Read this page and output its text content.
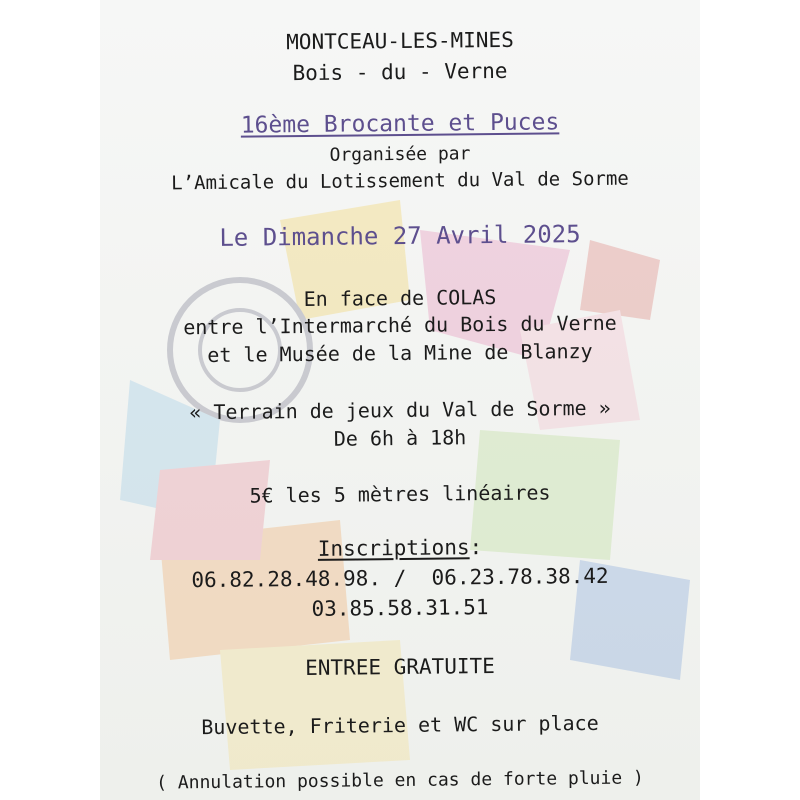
MONTCEAU-LES-MINES
Bois - du - Verne
16ème Brocante et Puces
Organisée par
L’Amicale du Lotissement du Val de Sorme
Le Dimanche 27 Avril 2025
En face de COLAS
entre l’Intermarché du Bois du Verne
et le Musée de la Mine de Blanzy
« Terrain de jeux du Val de Sorme »
De 6h à 18h
5€ les 5 mètres linéaires
Inscriptions:
06.82.28.48.98. /  06.23.78.38.42
03.85.58.31.51
ENTREE GRATUITE
Buvette, Friterie et WC sur place
( Annulation possible en cas de forte pluie )
